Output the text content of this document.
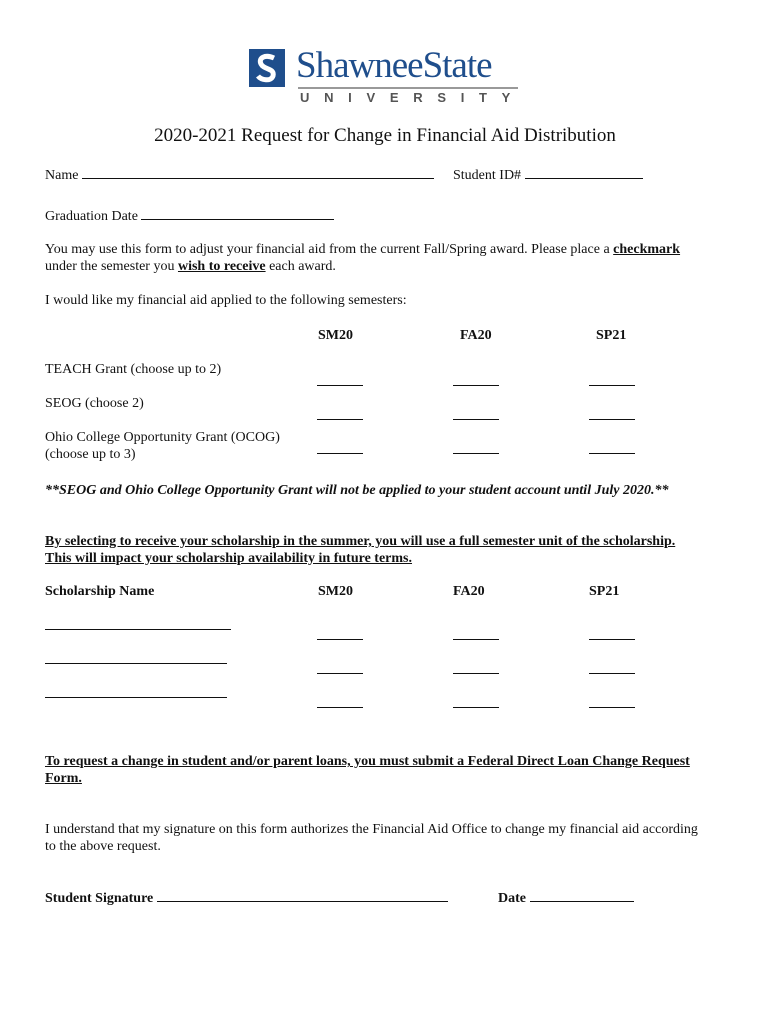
ShawneeState
UNIVERSITY
2020-2021 Request for Change in Financial Aid Distribution
Name	Student ID#
Graduation Date
You may use this form to adjust your financial aid from the current Fall/Spring award. Please place a checkmark
under the semester you wish to receive each award.
I would like my financial aid applied to the following semesters:
SM20	FA20	SP21
TEACH Grant (choose up to 2)
SEOG (choose 2)
Ohio College Opportunity Grant (OCOG)
(choose up to 3)
**SEOG and Ohio College Opportunity Grant will not be applied to your student account until July 2020.**
By selecting to receive your scholarship in the summer, you will use a full semester unit of the scholarship.
This will impact your scholarship availability in future terms.
Scholarship Name	SM20	FA20	SP21
To request a change in student and/or parent loans, you must submit a Federal Direct Loan Change Request
Form.
I understand that my signature on this form authorizes the Financial Aid Office to change my financial aid according
to the above request.
Student Signature	Date
